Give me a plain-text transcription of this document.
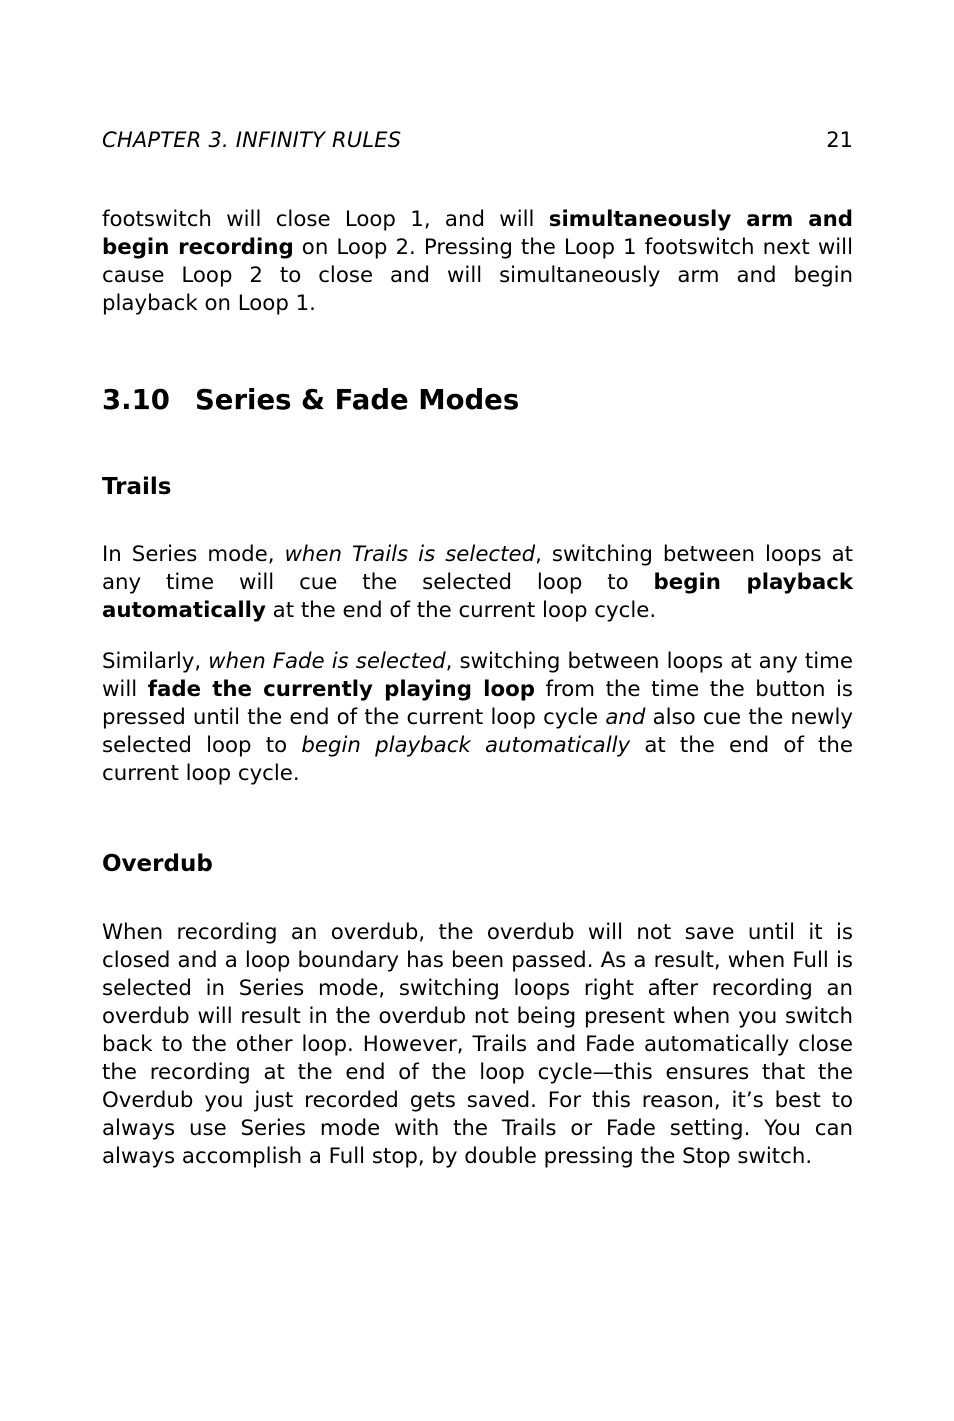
CHAPTER 3. INFINITY RULES	21

footswitch will close Loop 1, and will simultaneously arm and begin recording on Loop 2. Pressing the Loop 1 footswitch next will cause Loop 2 to close and will simultaneously arm and begin playback on Loop 1.

3.10 Series & Fade Modes
Trails

In Series mode, when Trails is selected, switching between loops at any time will cue the selected loop to begin playback automatically at the end of the current loop cycle.

Similarly, when Fade is selected, switching between loops at any time will fade the currently playing loop from the time the button is pressed until the end of the current loop cycle and also cue the newly selected loop to begin playback automatically at the end of the current loop cycle.

Overdub

When recording an overdub, the overdub will not save until it is closed and a loop boundary has been passed. As a result, when Full is selected in Series mode, switching loops right after recording an overdub will result in the overdub not being present when you switch back to the other loop. However, Trails and Fade automatically close the recording at the end of the loop cycle—this ensures that the Overdub you just recorded gets saved. For this reason, it’s best to always use Series mode with the Trails or Fade setting. You can always accomplish a Full stop, by double pressing the Stop switch.
